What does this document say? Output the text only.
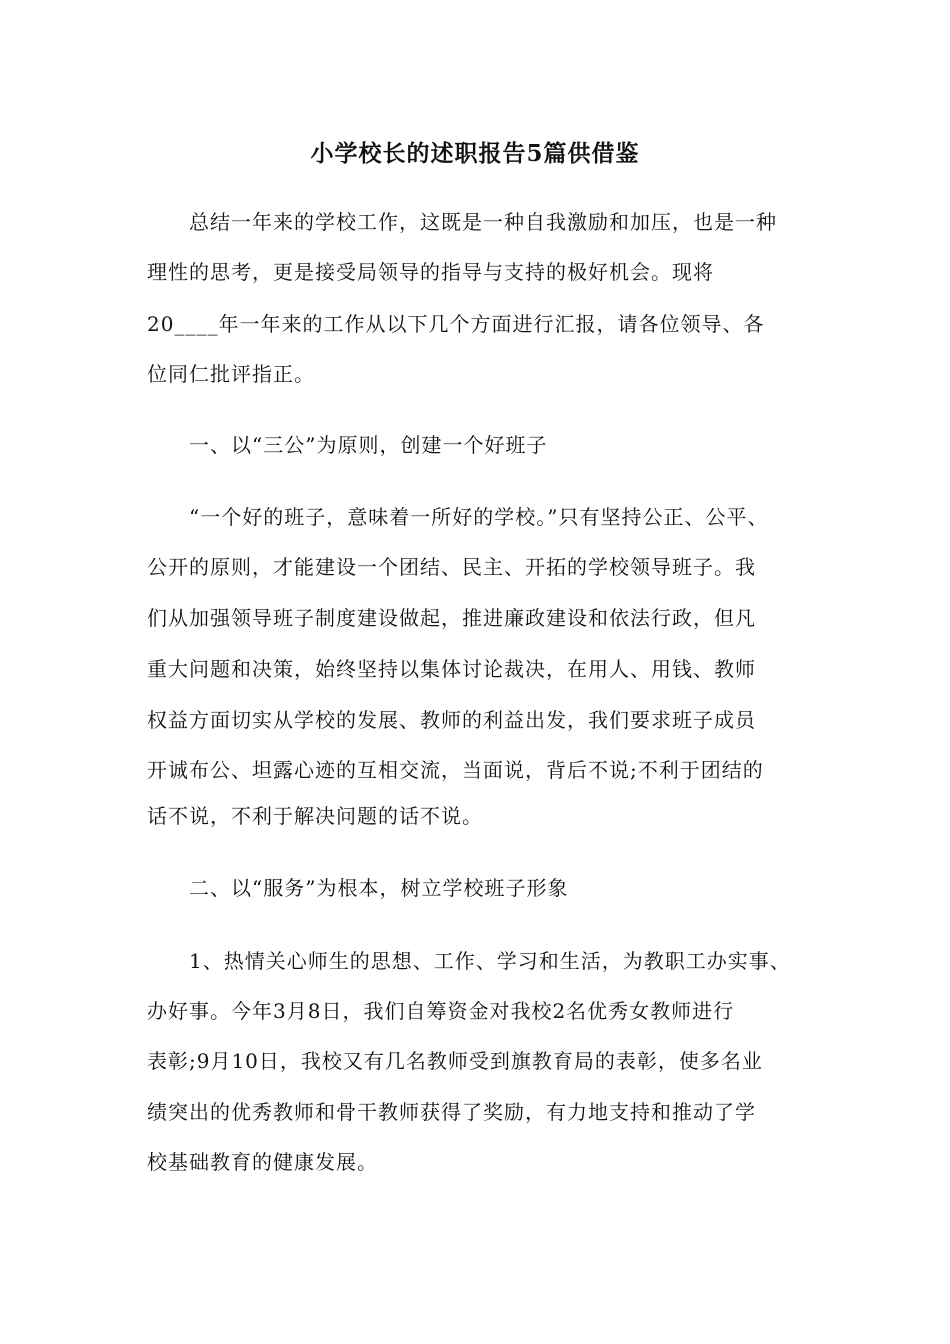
小学校长的述职报告5篇供借鉴
　　总结一年来的学校工作，这既是一种自我激励和加压，也是一种
理性的思考，更是接受局领导的指导与支持的极好机会。现将
20____年一年来的工作从以下几个方面进行汇报，请各位领导、各
位同仁批评指正。
　　一、以“三公”为原则，创建一个好班子
　　“一个好的班子，意味着一所好的学校。”只有坚持公正、公平、
公开的原则，才能建设一个团结、民主、开拓的学校领导班子。我
们从加强领导班子制度建设做起，推进廉政建设和依法行政，但凡
重大问题和决策，始终坚持以集体讨论裁决，在用人、用钱、教师
权益方面切实从学校的发展、教师的利益出发，我们要求班子成员
开诚布公、坦露心迹的互相交流，当面说，背后不说;不利于团结的
话不说，不利于解决问题的话不说。
　　二、以“服务”为根本，树立学校班子形象
　　1、热情关心师生的思想、工作、学习和生活，为教职工办实事、
办好事。今年3月8日，我们自筹资金对我校2名优秀女教师进行
表彰;9月10日，我校又有几名教师受到旗教育局的表彰，使多名业
绩突出的优秀教师和骨干教师获得了奖励，有力地支持和推动了学
校基础教育的健康发展。
